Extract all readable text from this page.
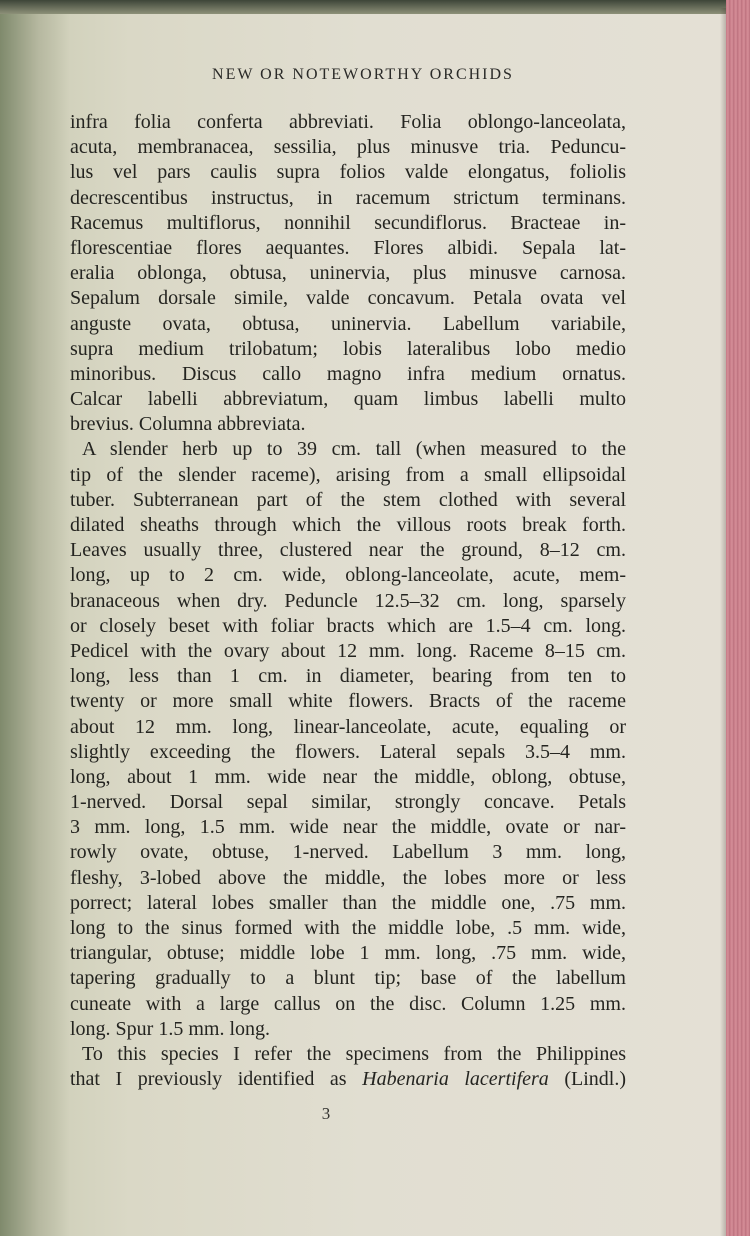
NEW OR NOTEWORTHY ORCHIDS
infra folia conferta abbreviati. Folia oblongo-lanceolata,
acuta, membranacea, sessilia, plus minusve tria. Peduncu-
lus vel pars caulis supra folios valde elongatus, foliolis
decrescentibus instructus, in racemum strictum terminans.
Racemus multiflorus, nonnihil secundiflorus. Bracteae in-
florescentiae flores aequantes. Flores albidi. Sepala lat-
eralia oblonga, obtusa, uninervia, plus minusve carnosa.
Sepalum dorsale simile, valde concavum. Petala ovata vel
anguste ovata, obtusa, uninervia. Labellum variabile,
supra medium trilobatum; lobis lateralibus lobo medio
minoribus. Discus callo magno infra medium ornatus.
Calcar labelli abbreviatum, quam limbus labelli multo
brevius. Columna abbreviata.
A slender herb up to 39 cm. tall (when measured to the
tip of the slender raceme), arising from a small ellipsoidal
tuber. Subterranean part of the stem clothed with several
dilated sheaths through which the villous roots break forth.
Leaves usually three, clustered near the ground, 8–12 cm.
long, up to 2 cm. wide, oblong-lanceolate, acute, mem-
branaceous when dry. Peduncle 12.5–32 cm. long, sparsely
or closely beset with foliar bracts which are 1.5–4 cm. long.
Pedicel with the ovary about 12 mm. long. Raceme 8–15 cm.
long, less than 1 cm. in diameter, bearing from ten to
twenty or more small white flowers. Bracts of the raceme
about 12 mm. long, linear-lanceolate, acute, equaling or
slightly exceeding the flowers. Lateral sepals 3.5–4 mm.
long, about 1 mm. wide near the middle, oblong, obtuse,
1-nerved. Dorsal sepal similar, strongly concave. Petals
3 mm. long, 1.5 mm. wide near the middle, ovate or nar-
rowly ovate, obtuse, 1-nerved. Labellum 3 mm. long,
fleshy, 3-lobed above the middle, the lobes more or less
porrect; lateral lobes smaller than the middle one, .75 mm.
long to the sinus formed with the middle lobe, .5 mm. wide,
triangular, obtuse; middle lobe 1 mm. long, .75 mm. wide,
tapering gradually to a blunt tip; base of the labellum
cuneate with a large callus on the disc. Column 1.25 mm.
long. Spur 1.5 mm. long.
To this species I refer the specimens from the Philippines
that I previously identified as Habenaria lacertifera (Lindl.)
3
